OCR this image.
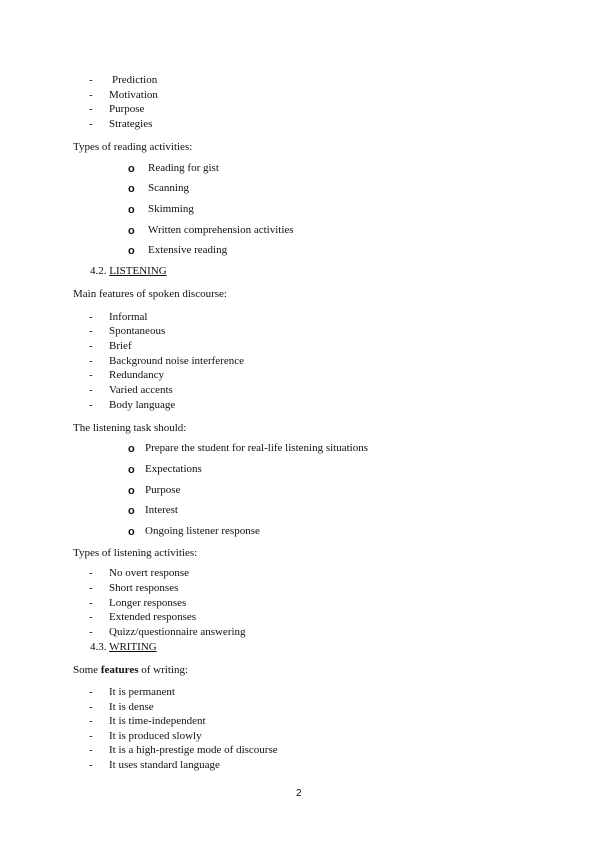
- Prediction
- Motivation
- Purpose
- Strategies
Types of reading activities:
o Reading for gist
o Scanning
o Skimming
o Written comprehension activities
o Extensive reading
4.2. LISTENING
Main features of spoken discourse:
- Informal
- Spontaneous
- Brief
- Background noise interference
- Redundancy
- Varied accents
- Body language
The listening task should:
o Prepare the student for real-life listening situations
o Expectations
o Purpose
o Interest
o Ongoing listener response
Types of listening activities:
- No overt response
- Short responses
- Longer responses
- Extended responses
- Quizz/questionnaire answering
4.3. WRITING
Some features of writing:
- It is permanent
- It is dense
- It is time-independent
- It is produced slowly
- It is a high-prestige mode of discourse
- It uses standard language
2
